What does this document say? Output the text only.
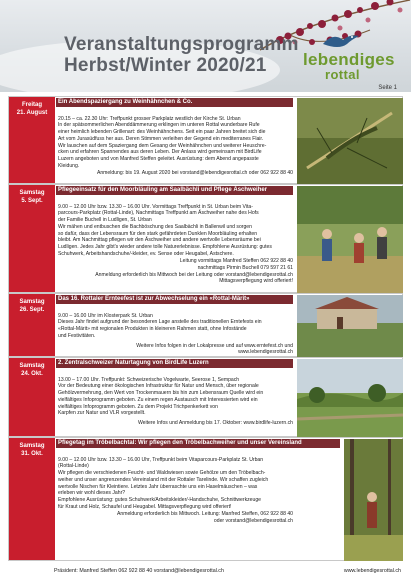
Veranstaltungsprogramm
Herbst/Winter 2020/21	lebendiges
rottal
Seite 1
Freitag
21. August
Ein Abendspaziergang zu Weinhähnchen & Co.

20.15 – ca. 22.30 Uhr: Treffpunkt grosser Parkplatz westlich der Kirche St. Urban
In der spätsommerlichen Abenddämmerung erklingen im unteren Rottal wunderbare Rufe
einer heimlich lebenden Grillenart: des Weinhähnchens. Seit ein paar Jahren breitet sich die
Art vom Jurasüdfuss her aus. Deren Stimmen verleihen der Gegend ein mediterranes Flair.
Wir lauschen auf dem Spaziergang dem Gesang der Weinhähnchen und weiterer Heuschre-
cken und erfahren Spannendes aus deren Leben. Der Anlass wird gemeinsam mit BirdLife
Luzern angeboten und von Manfred Steffen geleitet. Ausrüstung: dem Abend angepasste
Kleidung.

Anmeldung: bis 19. August 2020 bei vorstand@lebendigesrottal.ch oder 062 922 88 40

Samstag
5. Sept.
Pflegeeinsatz für den Moorbläuling am Saalbächli und Pflege Äschweiher

9.00 – 12.00 Uhr bzw. 13.30 – 16.00 Uhr. Vormittags Treffpunkt in St. Urban beim Vita-
parcours-Parkplatz (Rottal-Linde), Nachmittags Treffpunkt am Äschweiher nahe des Hofs
der Familie Buchell in Ludligen, St. Urban
Wir mähen und entbuschen die Bachböschung des Saalbächli in Ballenwil und sorgen
so dafür, dass der Lebensraum für den stark gefährdeten Dunklen Moorbläuling erhalten
bleibt. Am Nachmittag pflegen wir den Äschweiher und andere wertvolle Lebensräume bei
Ludligen. Jedes Jahr gibt's wieder andere tolle Naturerlebnisse. Empfohlene Ausrüstung: gutes
Schuhwerk, Arbeitshandschuhe/-kleider, ev. Sense oder Heugabel, Astschere.

Leitung vormittags Manfred Steffen 062 922 88 40
nachmittags Pirmin Buchell 079 597 21 61
Anmeldung erforderlich bis Mittwoch bei der Leitung oder vorstand@lebendigesrottal.ch
Mittagsverpflegung wird offeriert!

Samstag
26. Sept.
Das 16. Rottaler Ernteefest ist zur Abwechselung ein «Rottal-Märit»

9.00 – 16.00 Uhr im Klosterpark St. Urban
Dieses Jahr findet aufgrund der besonderen Lage anstelle des traditionellen Erntefests ein
«Rottal-Märit» mit regionalen Produkten in kleineren Rahmen statt, ohne Infostände
und Festivitäten.

Weitere Infos folgen in der Lokalpresse und auf www.erntefest.ch und
www.lebendigesrottal.ch

Samstag
24. Okt.
2. Zentralschweizer Naturtagung von BirdLife Luzern

13.00 – 17.00 Uhr. Treffpunkt: Schweizerische Vogelwarte, Seerose 1, Sempach
Vor der Bedeutung einer ökologischen Infrastruktur für Natur und Mensch, über regionale
Gehölzvermehrung, den Wert von Trockenmauern bis hin zum Lebensraum Quelle wird ein
vielfältiges Infoprogramm geboten. Zu einem regen Austausch mit Interessierten wird ein
vielfältiges Infoprogramm geboten. Zu dem Projekt Trichpenkerkett von
Karpfen zur Natur und VLR vorgestellt.

Weitere Infos und Anmeldung bis 17. Oktober: www.birdlife-luzern.ch

Samstag
31. Okt.
Pflegetag im Tröbelbachtal: Wir pflegen den Tröbelbachweiher und unser Vereinsland

9.00 – 12.00 Uhr bzw. 13.30 – 16.00 Uhr, Treffpunkt beim Vitaparcours-Parkplatz St. Urban
(Rottal-Linde)
Wir pflegen die verschiedenen Feucht- und Waldwiesen sowie Gehölze um den Tröbelbach-
weiher und unser angrenzendes Vereinsland mit der Rottaler Tarelinde. Wir schaffen zugleich
wertvolle Nischen für Kleintiere. Letztes Jahr überraschte uns ein Haselmäuschen – was
erleben wir wohl dieses Jahr?
Empfohlene Ausrüstung: gutes Schuhwerk/Arbeitskleider/-Handschuhe, Schnittwerkzeuge
für Kraut und Holz, Schaufel und Heugabel. Mittagsverpflegung wird offeriert!

Anmeldung erforderlich bis Mittwoch. Leitung: Manfred Steffen, 062 922 88 40
oder vorstand@lebendigesrottal.ch

Präsident: Manfred Steffen 062 922 88 40 vorstand@lebendigesrottal.ch	www.lebendigesrottal.ch
